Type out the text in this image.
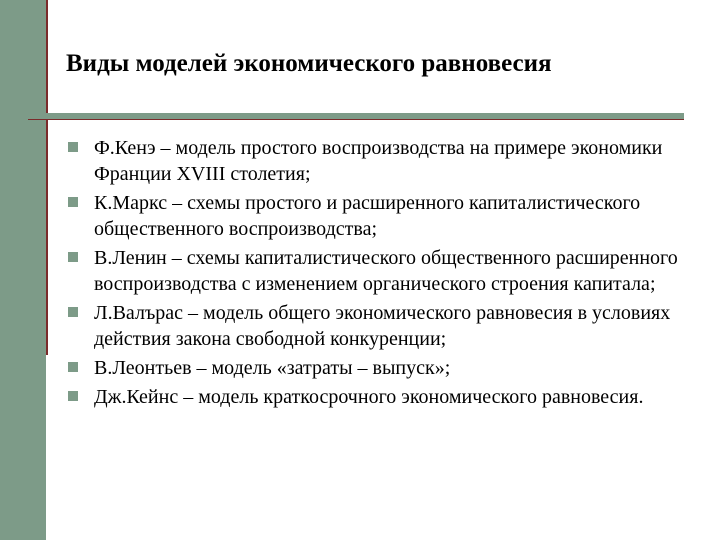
Виды моделей экономического равновесия
Ф.Кенэ – модель простого воспроизводства на примере экономики Франции XVIII столетия;
К.Маркс – схемы простого и расширенного капиталистического общественного воспроизводства;
В.Ленин – схемы капиталистического общественного расширенного воспроизводства с изменением органического строения капитала;
Л.Валърас – модель общего экономического равновесия в условиях действия закона свободной конкуренции;
В.Леонтьев – модель «затраты – выпуск»;
Дж.Кейнс – модель краткосрочного экономического равновесия.
